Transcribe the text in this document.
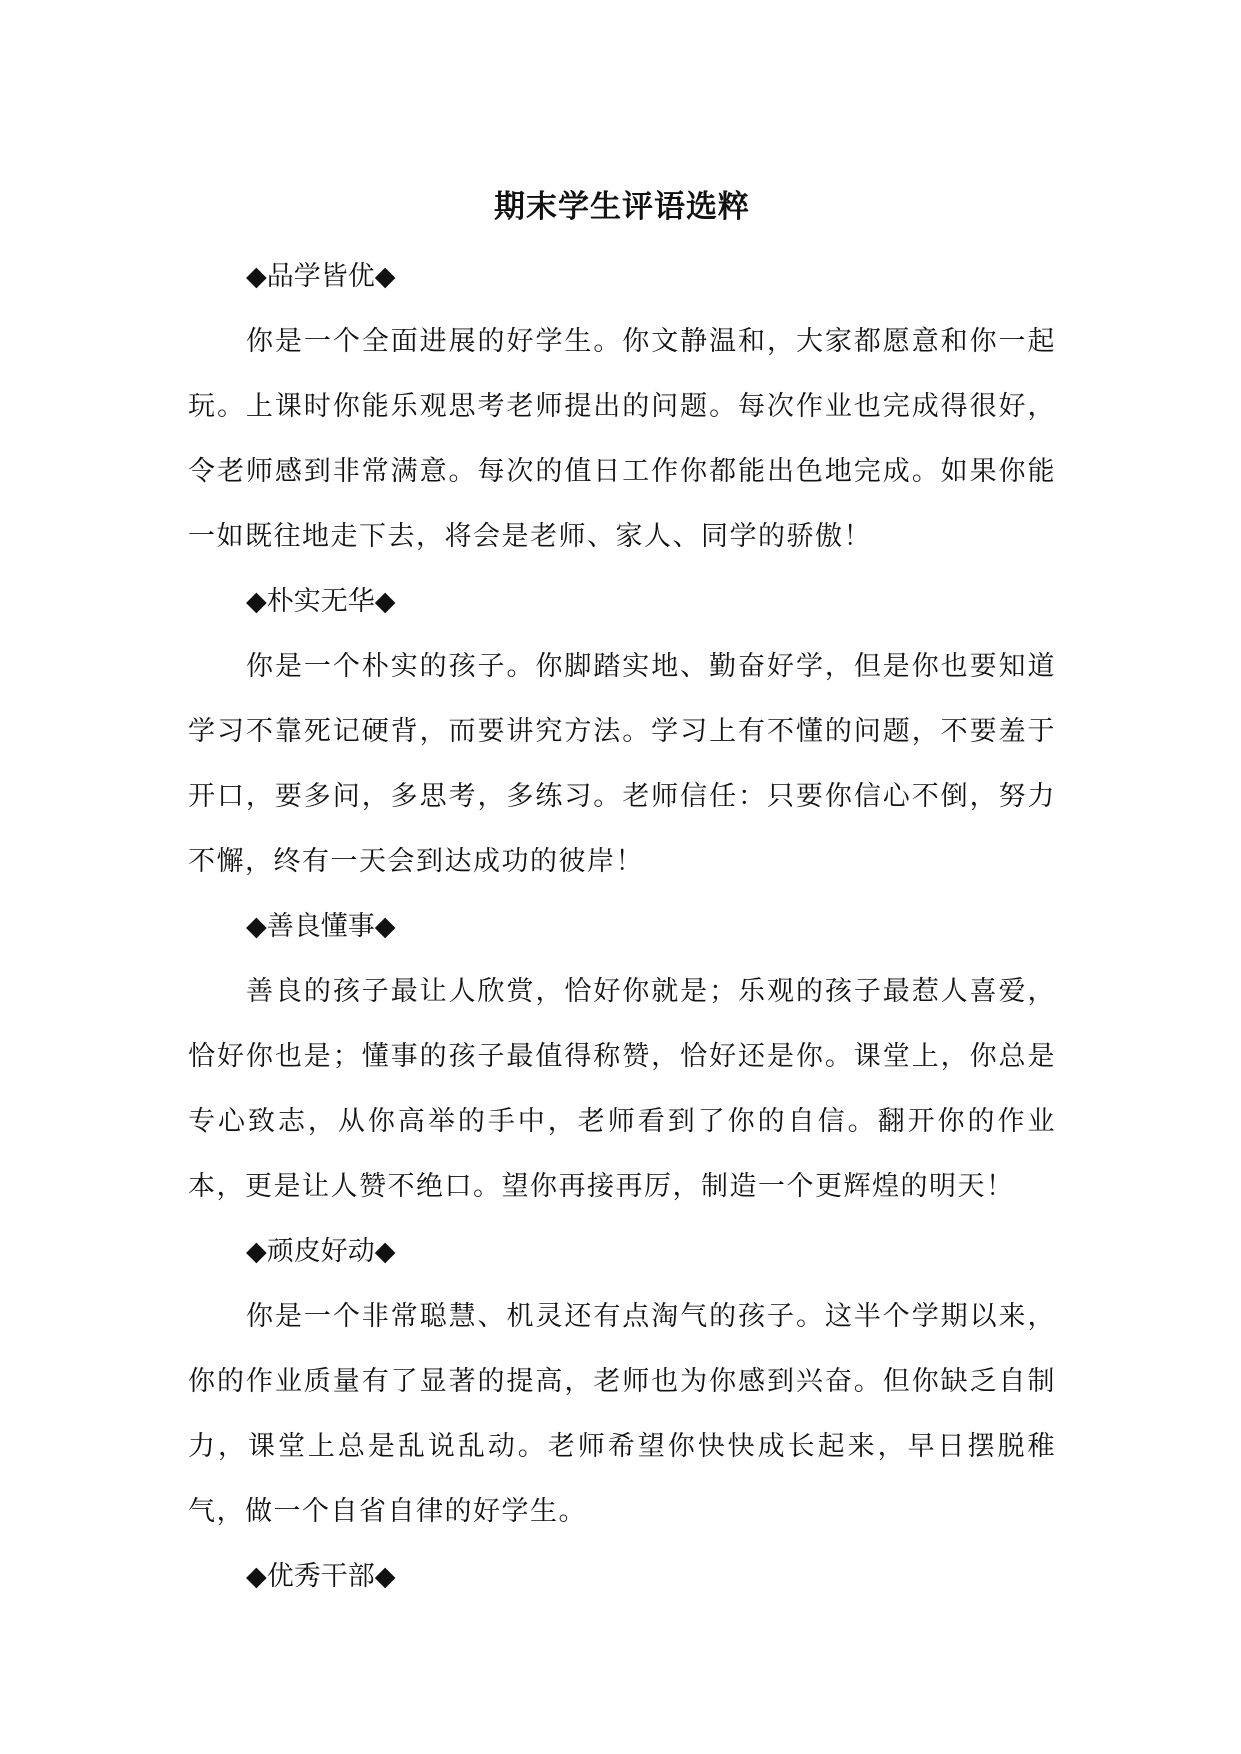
期末学生评语选粹

◆品学皆优◆

你是一个全面进展的好学生。你文静温和，大家都愿意和你一起玩。上课时你能乐观思考老师提出的问题。每次作业也完成得很好，令老师感到非常满意。每次的值日工作你都能出色地完成。如果你能一如既往地走下去，将会是老师、家人、同学的骄傲！

◆朴实无华◆

你是一个朴实的孩子。你脚踏实地、勤奋好学，但是你也要知道学习不靠死记硬背，而要讲究方法。学习上有不懂的问题，不要羞于开口，要多问，多思考，多练习。老师信任：只要你信心不倒，努力不懈，终有一天会到达成功的彼岸！

◆善良懂事◆

善良的孩子最让人欣赏，恰好你就是；乐观的孩子最惹人喜爱，恰好你也是；懂事的孩子最值得称赞，恰好还是你。课堂上，你总是专心致志，从你高举的手中，老师看到了你的自信。翻开你的作业本，更是让人赞不绝口。望你再接再厉，制造一个更辉煌的明天！

◆顽皮好动◆

你是一个非常聪慧、机灵还有点淘气的孩子。这半个学期以来，你的作业质量有了显著的提高，老师也为你感到兴奋。但你缺乏自制力，课堂上总是乱说乱动。老师希望你快快成长起来，早日摆脱稚气，做一个自省自律的好学生。

◆优秀干部◆
